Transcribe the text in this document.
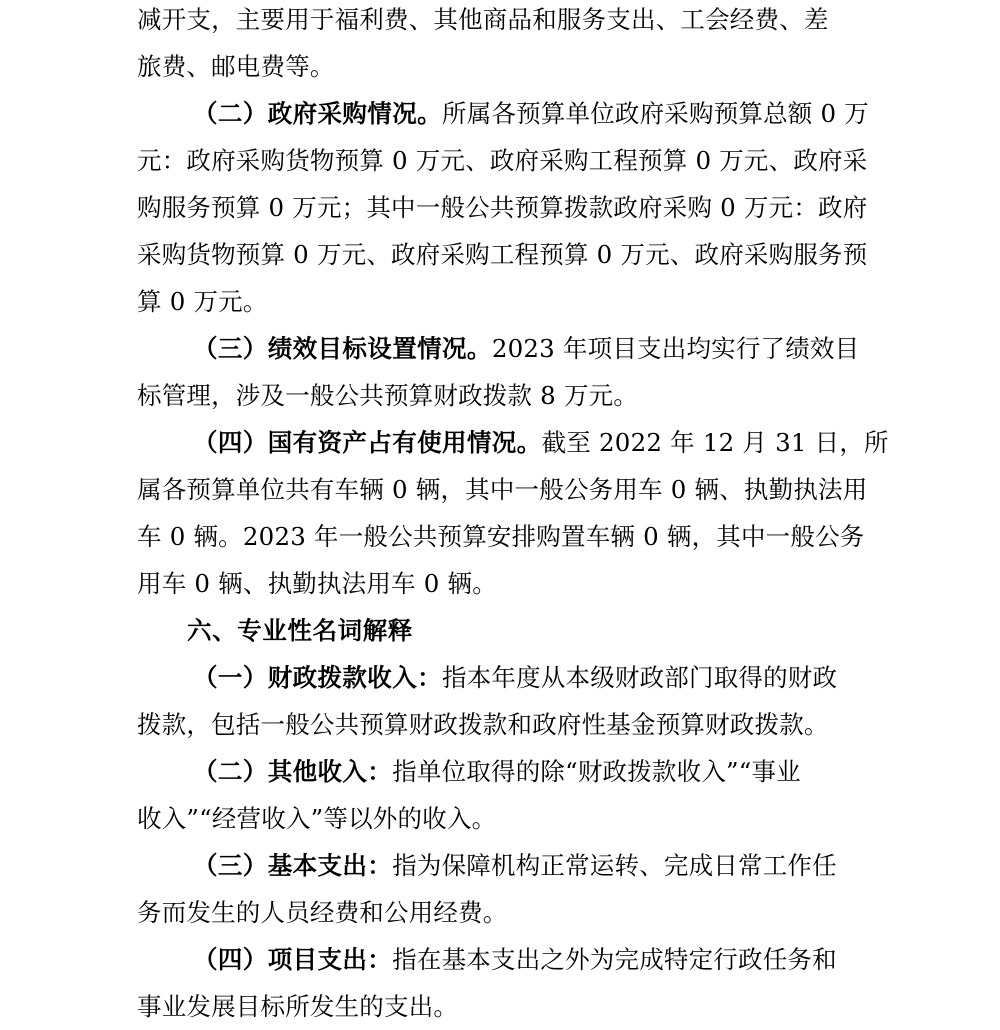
减开支，主要用于福利费、其他商品和服务支出、工会经费、差
旅费、邮电费等。
（二）政府采购情况。所属各预算单位政府采购预算总额 0 万
元：政府采购货物预算 0 万元、政府采购工程预算 0 万元、政府采
购服务预算 0 万元；其中一般公共预算拨款政府采购 0 万元：政府
采购货物预算 0 万元、政府采购工程预算 0 万元、政府采购服务预
算 0 万元。
（三）绩效目标设置情况。2023 年项目支出均实行了绩效目
标管理，涉及一般公共预算财政拨款 8 万元。
（四）国有资产占有使用情况。截至 2022 年 12 月 31 日，所
属各预算单位共有车辆 0 辆，其中一般公务用车 0 辆、执勤执法用
车 0 辆。2023 年一般公共预算安排购置车辆 0 辆，其中一般公务
用车 0 辆、执勤执法用车 0 辆。
六、专业性名词解释
（一）财政拨款收入：指本年度从本级财政部门取得的财政
拨款，包括一般公共预算财政拨款和政府性基金预算财政拨款。
（二）其他收入：指单位取得的除“财政拨款收入”“事业
收入”“经营收入”等以外的收入。
（三）基本支出：指为保障机构正常运转、完成日常工作任
务而发生的人员经费和公用经费。
（四）项目支出：指在基本支出之外为完成特定行政任务和
事业发展目标所发生的支出。
